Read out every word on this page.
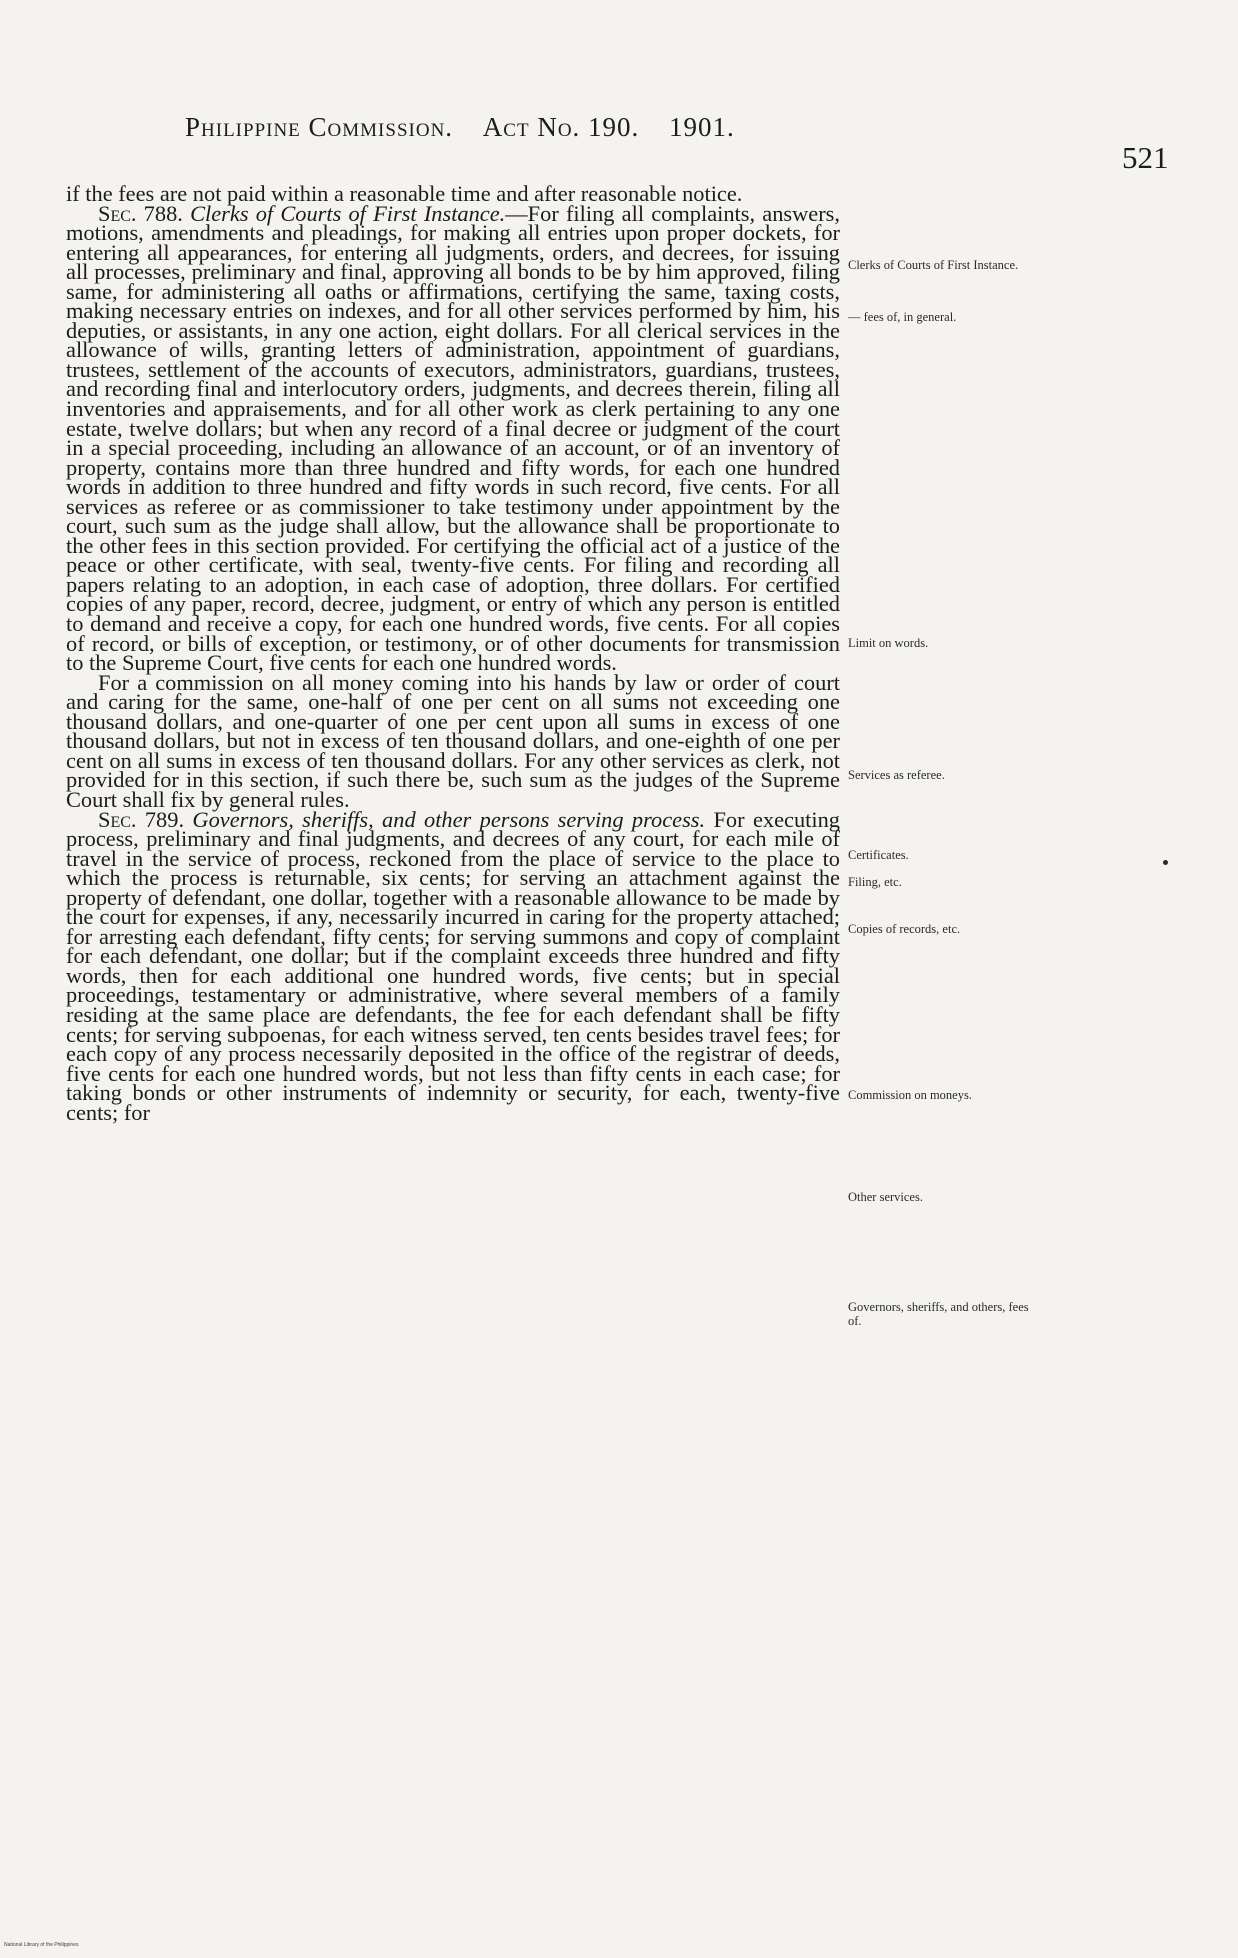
Philippine Commission. Act No. 190. 1901.
521

if the fees are not paid within a reasonable time and after reasonable notice.

Sec. 788. Clerks of Courts of First Instance.—For filing all complaints, answers, motions, amendments and pleadings, for making all entries upon proper dockets, for entering all appearances, for entering all judgments, orders, and decrees, for issuing all processes, preliminary and final, approving all bonds to be by him approved, filing same, for administering all oaths or affirmations, certifying the same, taxing costs, making necessary entries on indexes, and for all other services performed by him, his deputies, or assistants, in any one action, eight dollars. For all clerical services in the allowance of wills, granting letters of administration, appointment of guardians, trustees, settlement of the accounts of executors, administrators, guardians, trustees, and recording final and interlocutory orders, judgments, and decrees therein, filing all inventories and appraisements, and for all other work as clerk pertaining to any one estate, twelve dollars; but when any record of a final decree or judgment of the court in a special proceeding, including an allowance of an account, or of an inventory of property, contains more than three hundred and fifty words, for each one hundred words in addition to three hundred and fifty words in such record, five cents. For all services as referee or as commissioner to take testimony under appointment by the court, such sum as the judge shall allow, but the allowance shall be proportionate to the other fees in this section provided. For certifying the official act of a justice of the peace or other certificate, with seal, twenty-five cents. For filing and recording all papers relating to an adoption, in each case of adoption, three dollars. For certified copies of any paper, record, decree, judgment, or entry of which any person is entitled to demand and receive a copy, for each one hundred words, five cents. For all copies of record, or bills of exception, or testimony, or of other documents for transmission to the Supreme Court, five cents for each one hundred words.

For a commission on all money coming into his hands by law or order of court and caring for the same, one-half of one per cent on all sums not exceeding one thousand dollars, and one-quarter of one per cent upon all sums in excess of one thousand dollars, but not in excess of ten thousand dollars, and one-eighth of one per cent on all sums in excess of ten thousand dollars. For any other services as clerk, not provided for in this section, if such there be, such sum as the judges of the Supreme Court shall fix by general rules.

Sec. 789. Governors, sheriffs, and other persons serving process. For executing process, preliminary and final judgments, and decrees of any court, for each mile of travel in the service of process, reckoned from the place of service to the place to which the process is returnable, six cents; for serving an attachment against the property of defendant, one dollar, together with a reasonable allowance to be made by the court for expenses, if any, necessarily incurred in caring for the property attached; for arresting each defendant, fifty cents; for serving summons and copy of complaint for each defendant, one dollar; but if the complaint exceeds three hundred and fifty words, then for each additional one hundred words, five cents; but in special proceedings, testamentary or administrative, where several members of a family residing at the same place are defendants, the fee for each defendant shall be fifty cents; for serving subpoenas, for each witness served, ten cents besides travel fees; for each copy of any process necessarily deposited in the office of the registrar of deeds, five cents for each one hundred words, but not less than fifty cents in each case; for taking bonds or other instruments of indemnity or security, for each, twenty-five cents; for

Clerks of Courts of First Instance.
— fees of, in general.
Limit on words.
Services as referee.
Certificates.
Filing, etc.
Copies of records, etc.
Commission on moneys.
Other services.
Governors, sheriffs, and others, fees of.
National Library of the Philippines
